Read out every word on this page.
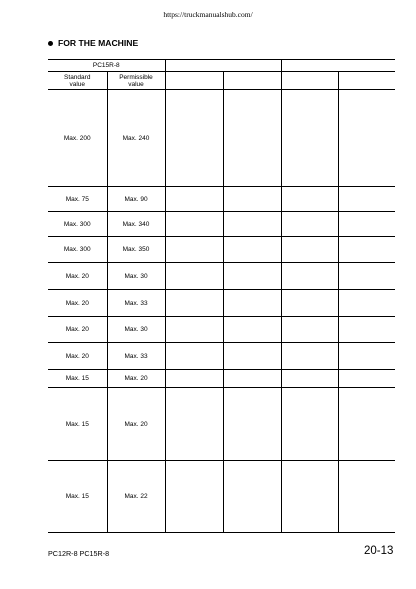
https://truckmanualshub.com/
FOR THE MACHINE
PC15R-8					
Standard
value	Permissible
value				
Max. 200	Max. 240				
Max. 75	Max. 90				
Max. 300	Max. 340				
Max. 300	Max. 350				
Max. 20	Max. 30				
Max. 20	Max. 33				
Max. 20	Max. 30				
Max. 20	Max. 33				
Max. 15	Max. 20				
Max. 15	Max. 20				
Max. 15	Max. 22				
PC12R-8 PC15R-8	20-13
